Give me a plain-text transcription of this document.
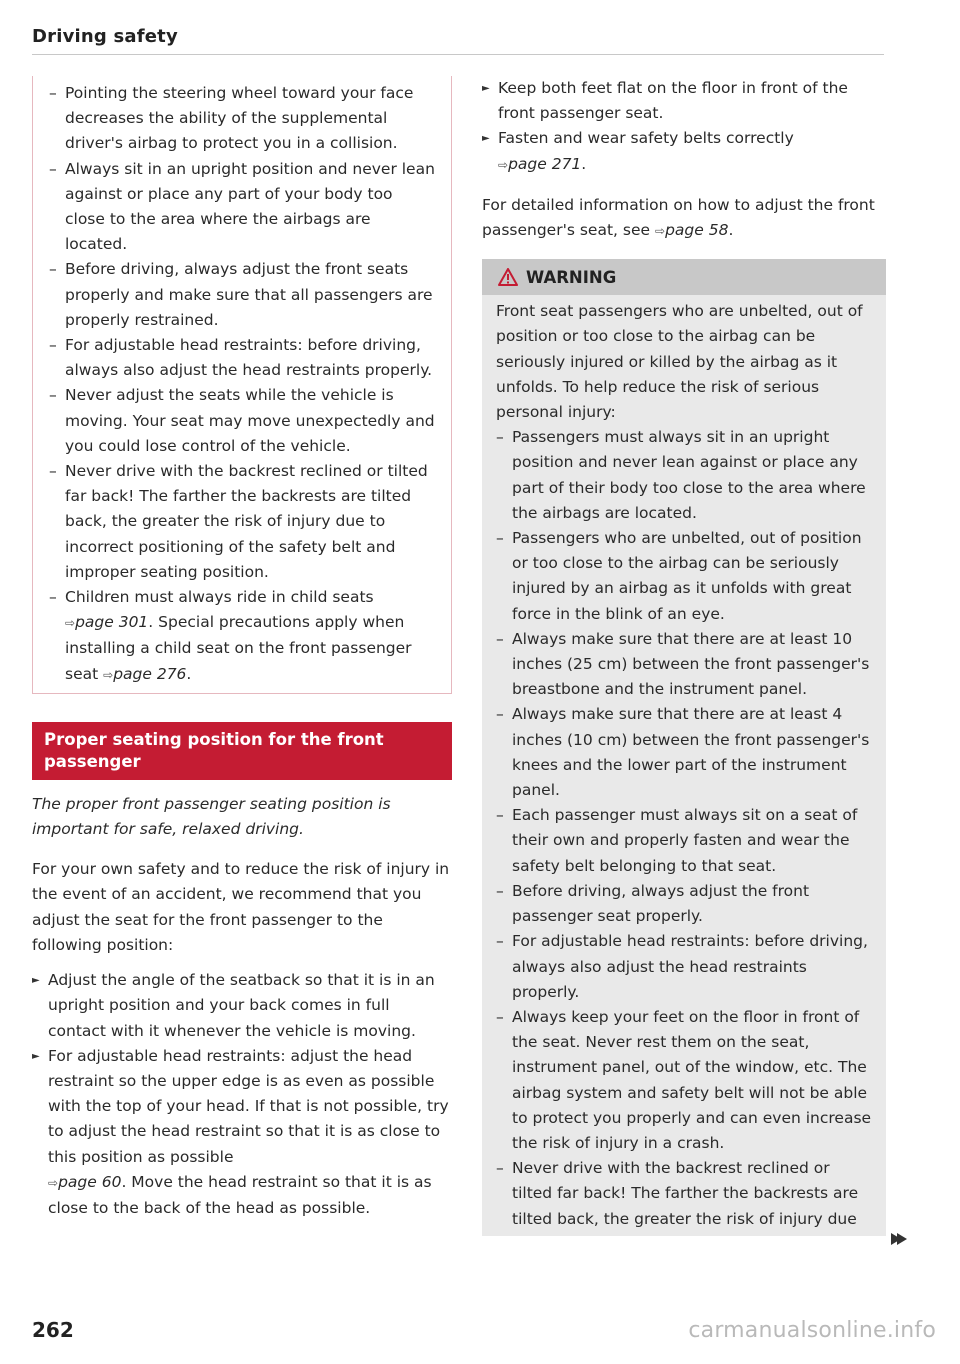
Driving safety
– Pointing the steering wheel toward your face decreases the ability of the supplemental driver's airbag to protect you in a collision.
– Always sit in an upright position and never lean against or place any part of your body too close to the area where the airbags are located.
– Before driving, always adjust the front seats properly and make sure that all passengers are properly restrained.
– For adjustable head restraints: before driving, always also adjust the head restraints properly.
– Never adjust the seats while the vehicle is moving. Your seat may move unexpectedly and you could lose control of the vehicle.
– Never drive with the backrest reclined or tilted far back! The farther the backrests are tilted back, the greater the risk of injury due to incorrect positioning of the safety belt and improper seating position.
– Children must always ride in child seats
⇨page 301. Special precautions apply when installing a child seat on the front passenger seat ⇨page 276.
Proper seating position for the front passenger
The proper front passenger seating position is important for safe, relaxed driving.
For your own safety and to reduce the risk of injury in the event of an accident, we recommend that you adjust the seat for the front passenger to the following position:
► Adjust the angle of the seatback so that it is in an upright position and your back comes in full contact with it whenever the vehicle is moving.
► For adjustable head restraints: adjust the head restraint so the upper edge is as even as possible with the top of your head. If that is not possible, try to adjust the head restraint so that it is as close to this position as possible
⇨page 60. Move the head restraint so that it is as close to the back of the head as possible.
► Keep both feet flat on the floor in front of the front passenger seat.
► Fasten and wear safety belts correctly
⇨page 271.
For detailed information on how to adjust the front passenger's seat, see ⇨page 58.
WARNING
Front seat passengers who are unbelted, out of position or too close to the airbag can be seriously injured or killed by the airbag as it unfolds. To help reduce the risk of serious personal injury:
– Passengers must always sit in an upright position and never lean against or place any part of their body too close to the area where the airbags are located.
– Passengers who are unbelted, out of position or too close to the airbag can be seriously injured by an airbag as it unfolds with great force in the blink of an eye.
– Always make sure that there are at least 10 inches (25 cm) between the front passenger's breastbone and the instrument panel.
– Always make sure that there are at least 4 inches (10 cm) between the front passenger's knees and the lower part of the instrument panel.
– Each passenger must always sit on a seat of their own and properly fasten and wear the safety belt belonging to that seat.
– Before driving, always adjust the front passenger seat properly.
– For adjustable head restraints: before driving, always also adjust the head restraints properly.
– Always keep your feet on the floor in front of the seat. Never rest them on the seat, instrument panel, out of the window, etc. The airbag system and safety belt will not be able to protect you properly and can even increase the risk of injury in a crash.
– Never drive with the backrest reclined or tilted far back! The farther the backrests are tilted back, the greater the risk of injury due
262	carmanualsonline.info
